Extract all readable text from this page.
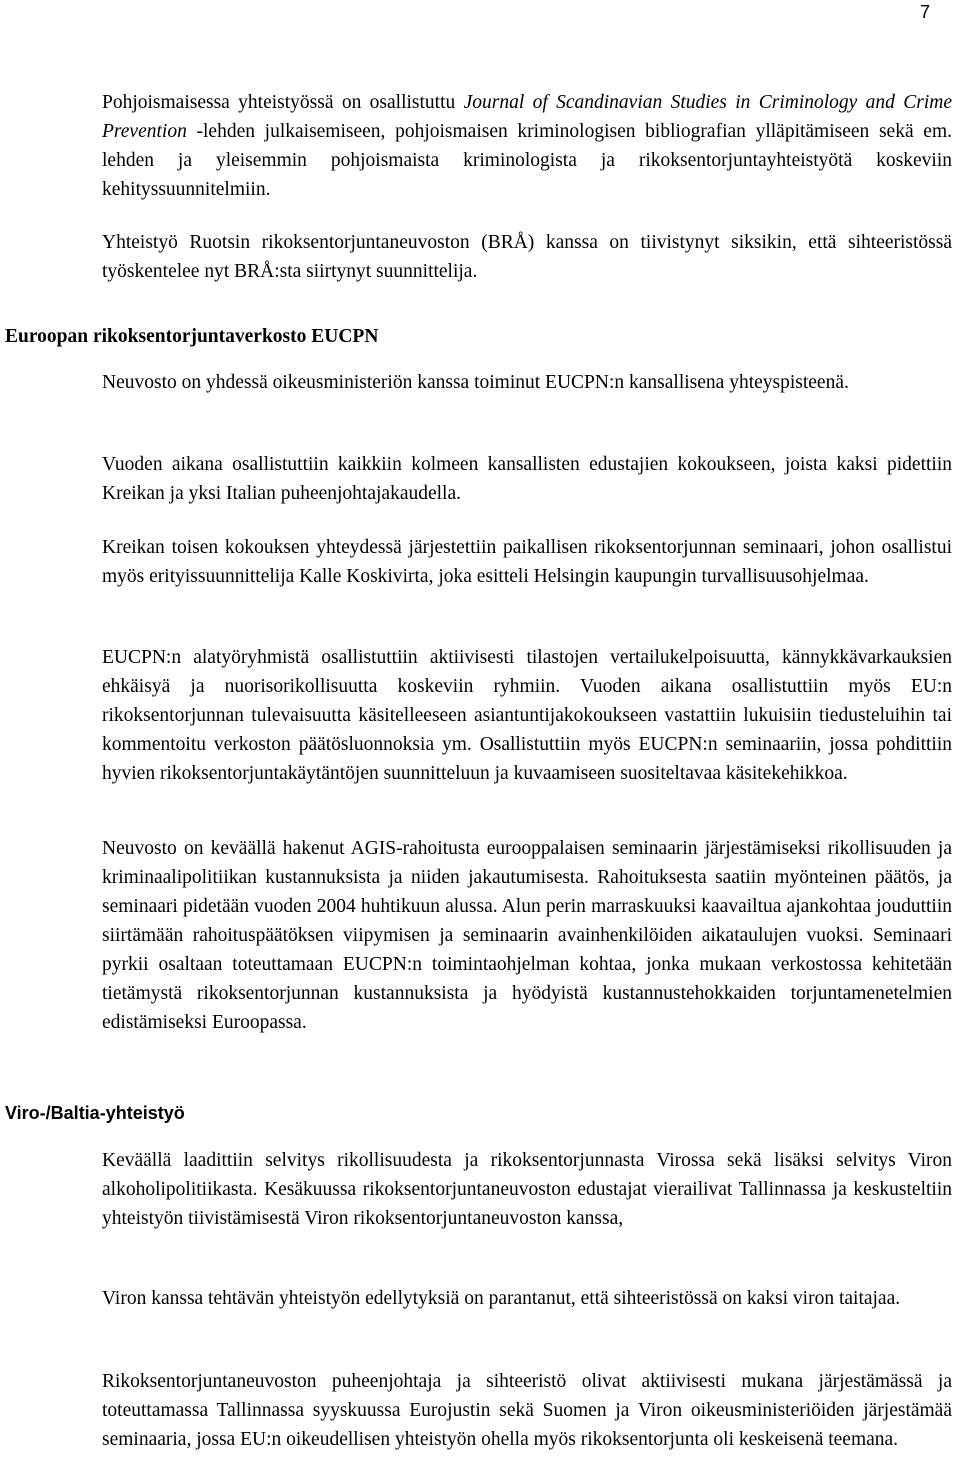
7

Pohjoismaisessa yhteistyössä on osallistuttu Journal of Scandinavian Studies in Criminology and Crime Prevention -lehden julkaisemiseen, pohjoismaisen kriminologisen bibliografian ylläpitämiseen sekä em. lehden ja yleisemmin pohjoismaista kriminologista ja rikoksentorjuntayhteistyötä koskeviin kehityssuunnitelmiin.

Yhteistyö Ruotsin rikoksentorjuntaneuvoston (BRÅ) kanssa on tiivistynyt siksikin, että sihteeristössä työskentelee nyt BRÅ:sta siirtynyt suunnittelija.

Euroopan rikoksentorjuntaverkosto EUCPN

Neuvosto on yhdessä oikeusministeriön kanssa toiminut EUCPN:n kansallisena yhteyspisteenä.

Vuoden aikana osallistuttiin kaikkiin kolmeen kansallisten edustajien kokoukseen, joista kaksi pidettiin Kreikan ja yksi Italian puheenjohtajakaudella.

Kreikan toisen kokouksen yhteydessä järjestettiin paikallisen rikoksentorjunnan seminaari, johon osallistui myös erityissuunnittelija Kalle Koskivirta, joka esitteli Helsingin kaupungin turvallisuusohjelmaa.

EUCPN:n alatyöryhmistä osallistuttiin aktiivisesti tilastojen vertailukelpoisuutta, kännykkävarkauksien ehkäisyä ja nuorisorikollisuutta koskeviin ryhmiin. Vuoden aikana osallistuttiin myös EU:n rikoksentorjunnan tulevaisuutta käsitelleeseen asiantuntijakokoukseen vastattiin lukuisiin tiedusteluihin tai kommentoitu verkoston päätösluonnoksia ym. Osallistuttiin myös EUCPN:n seminaariin, jossa pohdittiin hyvien rikoksentorjuntakäytäntöjen suunnitteluun ja kuvaamiseen suositeltavaa käsitekehikkoa.

Neuvosto on keväällä hakenut AGIS-rahoitusta eurooppalaisen seminaarin järjestämiseksi rikollisuuden ja kriminaalipolitiikan kustannuksista ja niiden jakautumisesta. Rahoituksesta saatiin myönteinen päätös, ja seminaari pidetään vuoden 2004 huhtikuun alussa. Alun perin marraskuuksi kaavailtua ajankohtaa jouduttiin siirtämään rahoituspäätöksen viipymisen ja seminaarin avainhenkilöiden aikataulujen vuoksi. Seminaari pyrkii osaltaan toteuttamaan EUCPN:n toimintaohjelman kohtaa, jonka mukaan verkostossa kehitetään tietämystä rikoksentorjunnan kustannuksista ja hyödyistä kustannustehokkaiden torjuntamenetelmien edistämiseksi Euroopassa.

Viro-/Baltia-yhteistyö

Keväällä laadittiin selvitys rikollisuudesta ja rikoksentorjunnasta Virossa sekä lisäksi selvitys Viron alkoholipolitiikasta. Kesäkuussa rikoksentorjuntaneuvoston edustajat vierailivat Tallinnassa ja keskusteltiin yhteistyön tiivistämisestä Viron rikoksentorjuntaneuvoston kanssa,

Viron kanssa tehtävän yhteistyön edellytyksiä on parantanut, että sihteeristössä on kaksi viron taitajaa.

Rikoksentorjuntaneuvoston puheenjohtaja ja sihteeristö olivat aktiivisesti mukana järjestämässä ja toteuttamassa Tallinnassa syyskuussa Eurojustin sekä Suomen ja Viron oikeusministeriöiden järjestämää seminaaria, jossa EU:n oikeudellisen yhteistyön ohella myös rikoksentorjunta oli keskeisenä teemana.
